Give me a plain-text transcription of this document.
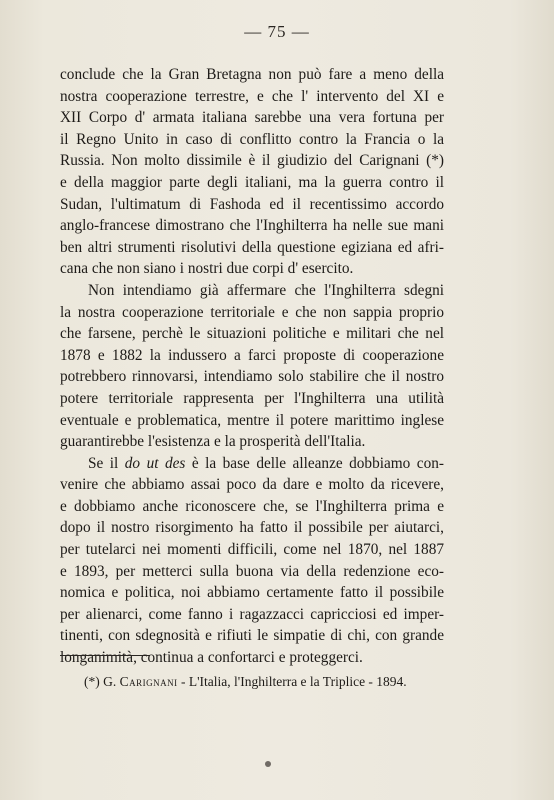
— 75 —

conclude che la Gran Bretagna non può fare a meno della
nostra cooperazione terrestre, e che l' intervento del XI e
XII Corpo d' armata italiana sarebbe una vera fortuna per
il Regno Unito in caso di conflitto contro la Francia o la
Russia. Non molto dissimile è il giudizio del Carignani (*)
e della maggior parte degli italiani, ma la guerra contro il
Sudan, l'ultimatum di Fashoda ed il recentissimo accordo
anglo-francese dimostrano che l'Inghilterra ha nelle sue mani
ben altri strumenti risolutivi della questione egiziana ed afri-
cana che non siano i nostri due corpi d' esercito.

Non intendiamo già affermare che l'Inghilterra sdegni
la nostra cooperazione territoriale e che non sappia proprio
che farsene, perchè le situazioni politiche e militari che nel
1878 e 1882 la indussero a farci proposte di cooperazione
potrebbero rinnovarsi, intendiamo solo stabilire che il nostro
potere territoriale rappresenta per l'Inghilterra una utilità
eventuale e problematica, mentre il potere marittimo inglese
guarantirebbe l'esistenza e la prosperità dell'Italia.

Se il do ut des è la base delle alleanze dobbiamo con-
venire che abbiamo assai poco da dare e molto da ricevere,
e dobbiamo anche riconoscere che, se l'Inghilterra prima e
dopo il nostro risorgimento ha fatto il possibile per aiutarci,
per tutelarci nei momenti difficili, come nel 1870, nel 1887
e 1893, per metterci sulla buona via della redenzione eco-
nomica e politica, noi abbiamo certamente fatto il possibile
per alienarci, come fanno i ragazzacci capricciosi ed imper-
tinenti, con sdegnosità e rifiuti le simpatie di chi, con grande
longanimità, continua a confortarci e proteggerci.

(*) G. Carignani - L'Italia, l'Inghilterra e la Triplice - 1894.
